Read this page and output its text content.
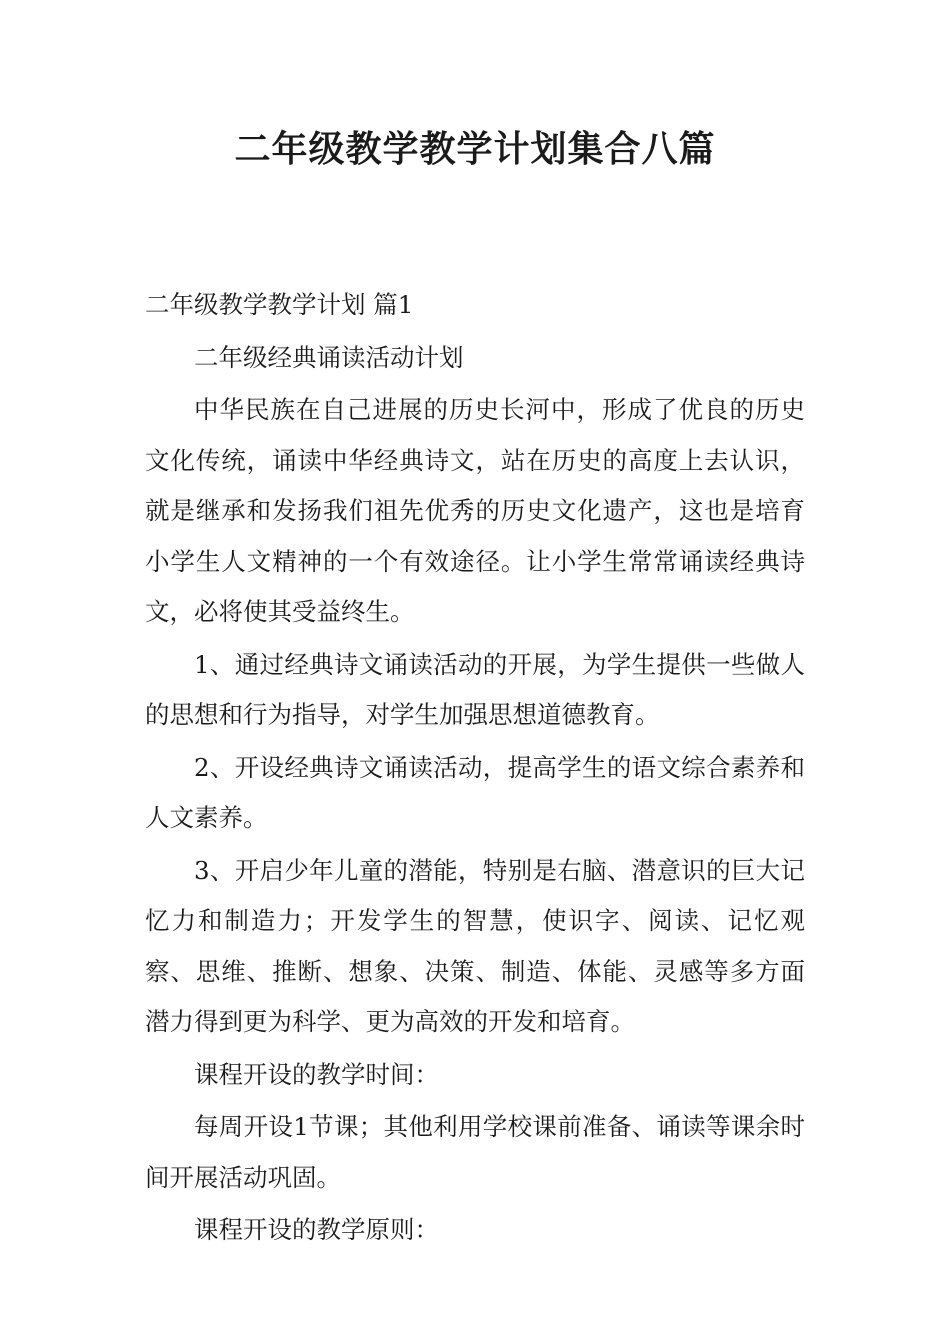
二年级教学教学计划集合八篇

二年级教学教学计划 篇1

二年级经典诵读活动计划

中华民族在自己进展的历史长河中，形成了优良的历史文化传统，诵读中华经典诗文，站在历史的高度上去认识，就是继承和发扬我们祖先优秀的历史文化遗产，这也是培育小学生人文精神的一个有效途径。让小学生常常诵读经典诗文，必将使其受益终生。

1、通过经典诗文诵读活动的开展，为学生提供一些做人的思想和行为指导，对学生加强思想道德教育。

2、开设经典诗文诵读活动，提高学生的语文综合素养和人文素养。

3、开启少年儿童的潜能，特别是右脑、潜意识的巨大记忆力和制造力；开发学生的智慧，使识字、阅读、记忆观察、思维、推断、想象、决策、制造、体能、灵感等多方面潜力得到更为科学、更为高效的开发和培育。

课程开设的教学时间：

每周开设1节课；其他利用学校课前准备、诵读等课余时间开展活动巩固。

课程开设的教学原则：
